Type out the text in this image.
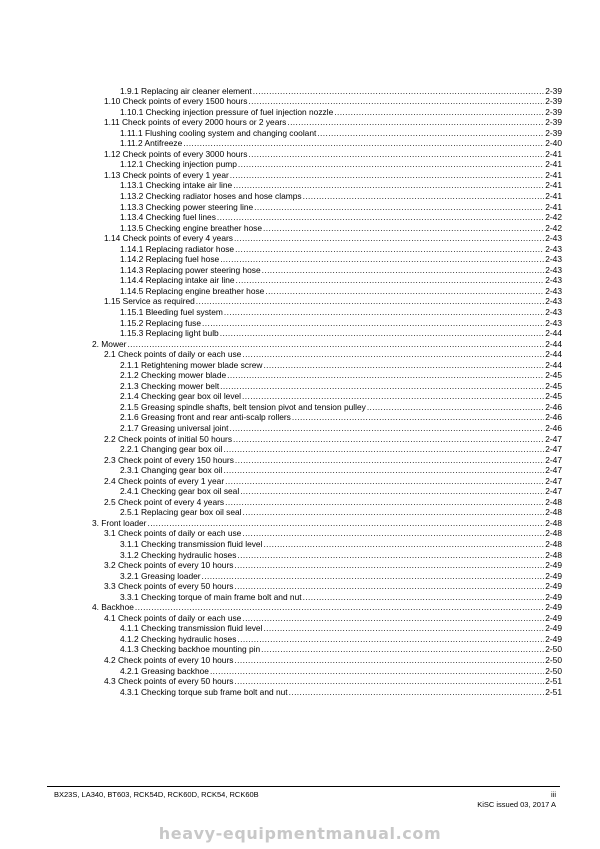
1.9.1 Replacing air cleaner element .....	2-39
1.10 Check points of every 1500 hours .....	2-39
1.10.1 Checking injection pressure of fuel injection nozzle .....	2-39
1.11 Check points of every 2000 hours or 2 years .....	2-39
1.11.1 Flushing cooling system and changing coolant .....	2-39
1.11.2 Antifreeze .....	2-40
1.12 Check points of every 3000 hours .....	2-41
1.12.1 Checking injection pump .....	2-41
1.13 Check points of every 1 year .....	2-41
1.13.1 Checking intake air line .....	2-41
1.13.2 Checking radiator hoses and hose clamps .....	2-41
1.13.3 Checking power steering line .....	2-41
1.13.4 Checking fuel lines .....	2-42
1.13.5 Checking engine breather hose .....	2-42
1.14 Check points of every 4 years .....	2-43
1.14.1 Replacing radiator hose .....	2-43
1.14.2 Replacing fuel hose .....	2-43
1.14.3 Replacing power steering hose .....	2-43
1.14.4 Replacing intake air line .....	2-43
1.14.5 Replacing engine breather hose .....	2-43
1.15 Service as required .....	2-43
1.15.1 Bleeding fuel system .....	2-43
1.15.2 Replacing fuse .....	2-43
1.15.3 Replacing light bulb .....	2-44
2. Mower .....	2-44
2.1 Check points of daily or each use .....	2-44
2.1.1 Retightening mower blade screw .....	2-44
2.1.2 Checking mower blade .....	2-45
2.1.3 Checking mower belt .....	2-45
2.1.4 Checking gear box oil level .....	2-45
2.1.5 Greasing spindle shafts, belt tension pivot and tension pulley .....	2-46
2.1.6 Greasing front and rear anti-scalp rollers .....	2-46
2.1.7 Greasing universal joint .....	2-46
2.2 Check points of initial 50 hours .....	2-47
2.2.1 Changing gear box oil .....	2-47
2.3 Check point of every 150 hours .....	2-47
2.3.1 Changing gear box oil .....	2-47
2.4 Check points of every 1 year .....	2-47
2.4.1 Checking gear box oil seal .....	2-47
2.5 Check point of every 4 years .....	2-48
2.5.1 Replacing gear box oil seal .....	2-48
3. Front loader .....	2-48
3.1 Check points of daily or each use .....	2-48
3.1.1 Checking transmission fluid level .....	2-48
3.1.2 Checking hydraulic hoses .....	2-48
3.2 Check points of every 10 hours .....	2-49
3.2.1 Greasing loader .....	2-49
3.3 Check points of every 50 hours .....	2-49
3.3.1 Checking torque of main frame bolt and nut .....	2-49
4. Backhoe .....	2-49
4.1 Check points of daily or each use .....	2-49
4.1.1 Checking transmission fluid level .....	2-49
4.1.2 Checking hydraulic hoses .....	2-49
4.1.3 Checking backhoe mounting pin .....	2-50
4.2 Check points of every 10 hours .....	2-50
4.2.1 Greasing backhoe .....	2-50
4.3 Check points of every 50 hours .....	2-51
4.3.1 Checking torque sub frame bolt and nut .....	2-51
BX23S, LA340, BT603, RCK54D, RCK60D, RCK54, RCK60B	iii
KiSC issued 03, 2017 A
heavy-equipmentmanual.com
